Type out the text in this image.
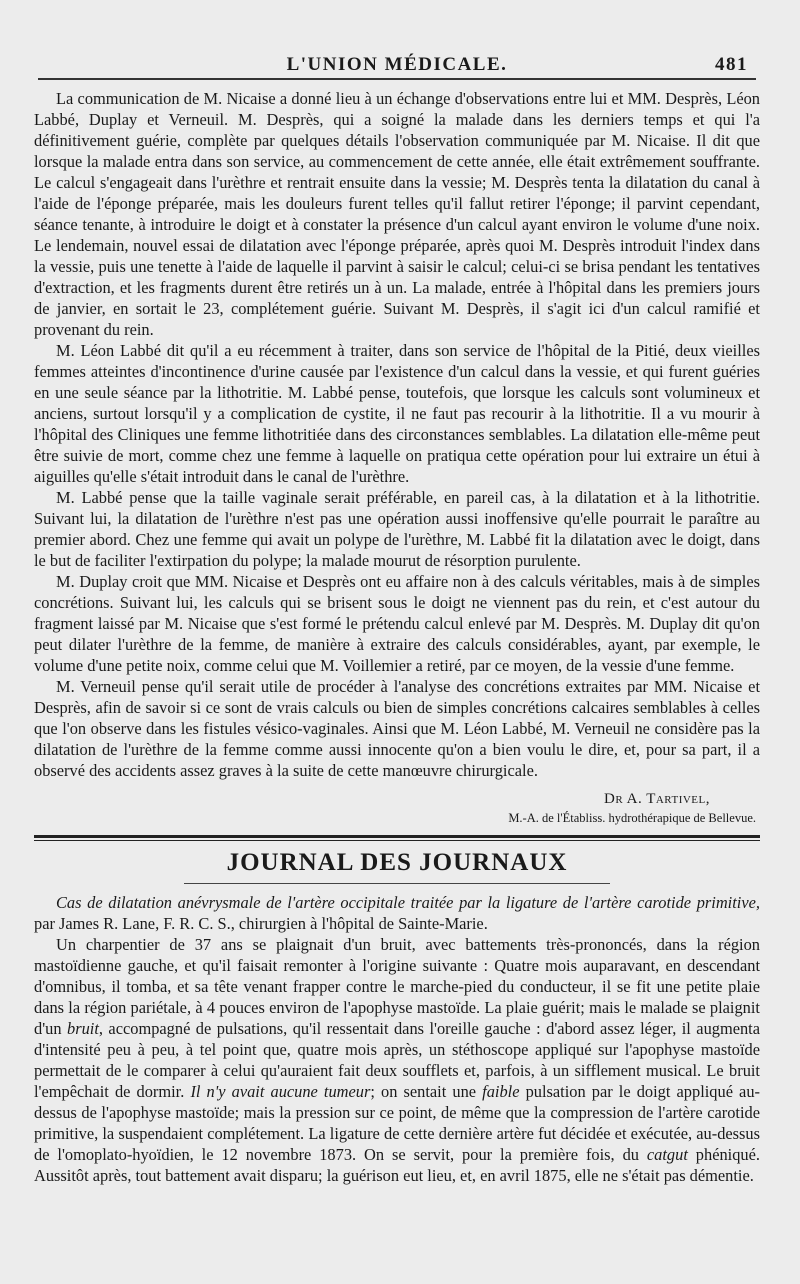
L'UNION MÉDICALE.	481

La communication de M. Nicaise a donné lieu à un échange d'observations entre lui et MM. Desprès, Léon Labbé, Duplay et Verneuil. M. Desprès, qui a soigné la malade dans les derniers temps et qui l'a définitivement guérie, complète par quelques détails l'observation communiquée par M. Nicaise. Il dit que lorsque la malade entra dans son service, au commencement de cette année, elle était extrêmement souffrante. Le calcul s'engageait dans l'urèthre et rentrait ensuite dans la vessie; M. Desprès tenta la dilatation du canal à l'aide de l'éponge préparée, mais les douleurs furent telles qu'il fallut retirer l'éponge; il parvint cependant, séance tenante, à introduire le doigt et à constater la présence d'un calcul ayant environ le volume d'une noix. Le lendemain, nouvel essai de dilatation avec l'éponge préparée, après quoi M. Desprès introduit l'index dans la vessie, puis une tenette à l'aide de laquelle il parvint à saisir le calcul; celui-ci se brisa pendant les tentatives d'extraction, et les fragments durent être retirés un à un. La malade, entrée à l'hôpital dans les premiers jours de janvier, en sortait le 23, complétement guérie. Suivant M. Desprès, il s'agit ici d'un calcul ramifié et provenant du rein.

M. Léon Labbé dit qu'il a eu récemment à traiter, dans son service de l'hôpital de la Pitié, deux vieilles femmes atteintes d'incontinence d'urine causée par l'existence d'un calcul dans la vessie, et qui furent guéries en une seule séance par la lithotritie. M. Labbé pense, toutefois, que lorsque les calculs sont volumineux et anciens, surtout lorsqu'il y a complication de cystite, il ne faut pas recourir à la lithotritie. Il a vu mourir à l'hôpital des Cliniques une femme lithotritiée dans des circonstances semblables. La dilatation elle-même peut être suivie de mort, comme chez une femme à laquelle on pratiqua cette opération pour lui extraire un étui à aiguilles qu'elle s'était introduit dans le canal de l'urèthre.

M. Labbé pense que la taille vaginale serait préférable, en pareil cas, à la dilatation et à la lithotritie. Suivant lui, la dilatation de l'urèthre n'est pas une opération aussi inoffensive qu'elle pourrait le paraître au premier abord. Chez une femme qui avait un polype de l'urèthre, M. Labbé fit la dilatation avec le doigt, dans le but de faciliter l'extirpation du polype; la malade mourut de résorption purulente.

M. Duplay croit que MM. Nicaise et Desprès ont eu affaire non à des calculs véritables, mais à de simples concrétions. Suivant lui, les calculs qui se brisent sous le doigt ne viennent pas du rein, et c'est autour du fragment laissé par M. Nicaise que s'est formé le prétendu calcul enlevé par M. Desprès. M. Duplay dit qu'on peut dilater l'urèthre de la femme, de manière à extraire des calculs considérables, ayant, par exemple, le volume d'une petite noix, comme celui que M. Voillemier a retiré, par ce moyen, de la vessie d'une femme.

M. Verneuil pense qu'il serait utile de procéder à l'analyse des concrétions extraites par MM. Nicaise et Desprès, afin de savoir si ce sont de vrais calculs ou bien de simples concrétions calcaires semblables à celles que l'on observe dans les fistules vésico-vaginales. Ainsi que M. Léon Labbé, M. Verneuil ne considère pas la dilatation de l'urèthre de la femme comme aussi innocente qu'on a bien voulu le dire, et, pour sa part, il a observé des accidents assez graves à la suite de cette manœuvre chirurgicale.

Dr A. Tartivel,
M.-A. de l'Établiss. hydrothérapique de Bellevue.
JOURNAL DES JOURNAUX
Cas de dilatation anévrysmale de l'artère occipitale traitée par la ligature de l'artère carotide primitive, par James R. Lane, F. R. C. S., chirurgien à l'hôpital de Sainte-Marie.

Un charpentier de 37 ans se plaignait d'un bruit, avec battements très-prononcés, dans la région mastoïdienne gauche, et qu'il faisait remonter à l'origine suivante : Quatre mois auparavant, en descendant d'omnibus, il tomba, et sa tête venant frapper contre le marche-pied du conducteur, il se fit une petite plaie dans la région pariétale, à 4 pouces environ de l'apophyse mastoïde. La plaie guérit; mais le malade se plaignit d'un bruit, accompagné de pulsations, qu'il ressentait dans l'oreille gauche : d'abord assez léger, il augmenta d'intensité peu à peu, à tel point que, quatre mois après, un stéthoscope appliqué sur l'apophyse mastoïde permettait de le comparer à celui qu'auraient fait deux soufflets et, parfois, à un sifflement musical. Le bruit l'empêchait de dormir. Il n'y avait aucune tumeur; on sentait une faible pulsation par le doigt appliqué au-dessus de l'apophyse mastoïde; mais la pression sur ce point, de même que la compression de l'artère carotide primitive, la suspendaient complétement. La ligature de cette dernière artère fut décidée et exécutée, au-dessus de l'omoplato-hyoïdien, le 12 novembre 1873. On se servit, pour la première fois, du catgut phéniqué. Aussitôt après, tout battement avait disparu; la guérison eut lieu, et, en avril 1875, elle ne s'était pas démentie.
